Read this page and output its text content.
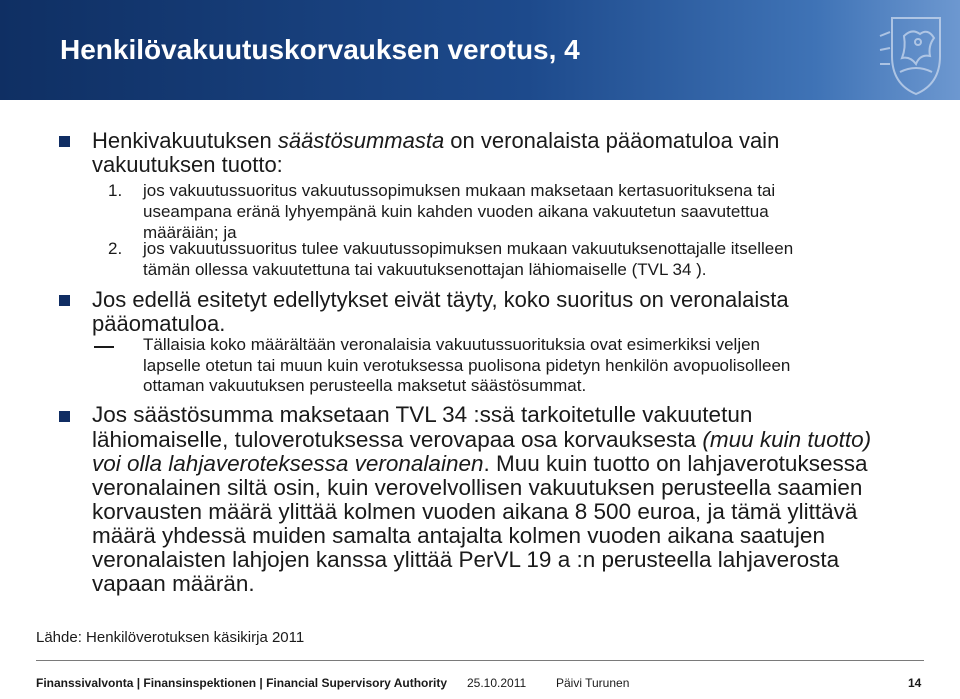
Henkilövakuutuskorvauksen verotus, 4

Henkivakuutuksen säästösummasta on veronalaista pääomatuloa vain

vakuutuksen tuotto:

1. jos vakuutussuoritus vakuutussopimuksen mukaan maksetaan kertasuorituksena tai

useampana eränä lyhyempänä kuin kahden vuoden aikana vakuutetun saavutettua

määräiän; ja

2. jos vakuutussuoritus tulee vakuutussopimuksen mukaan vakuutuksenottajalle itselleen

tämän ollessa vakuutettuna tai vakuutuksenottajan lähiomaiselle (TVL 34 ).

Jos edellä esitetyt edellytykset eivät täyty, koko suoritus on veronalaista

pääomatuloa.

Tällaisia koko määrältään veronalaisia vakuutussuorituksia ovat esimerkiksi veljen

lapselle otetun tai muun kuin verotuksessa puolisona pidetyn henkilön avopuolisolleen

ottaman vakuutuksen perusteella maksetut säästösummat.

Jos säästösumma maksetaan TVL 34 :ssä tarkoitetulle vakuutetun

lähiomaiselle, tuloverotuksessa verovapaa osa korvauksesta (muu kuin tuotto)

voi olla lahjaveroteksessa veronalainen. Muu kuin tuotto on lahjaverotuksessa

veronalainen siltä osin, kuin verovelvollisen vakuutuksen perusteella saamien

korvausten määrä ylittää kolmen vuoden aikana 8 500 euroa, ja tämä ylittävä

määrä yhdessä muiden samalta antajalta kolmen vuoden aikana saatujen

veronalaisten lahjojen kanssa ylittää PerVL 19 a :n perusteella lahjaverosta

vapaan määrän.

Lähde: Henkilöverotuksen käsikirja 2011

Finanssivalvonta | Finansinspektionen | Financial Supervisory Authority 25.10.2011 Päivi Turunen	14
